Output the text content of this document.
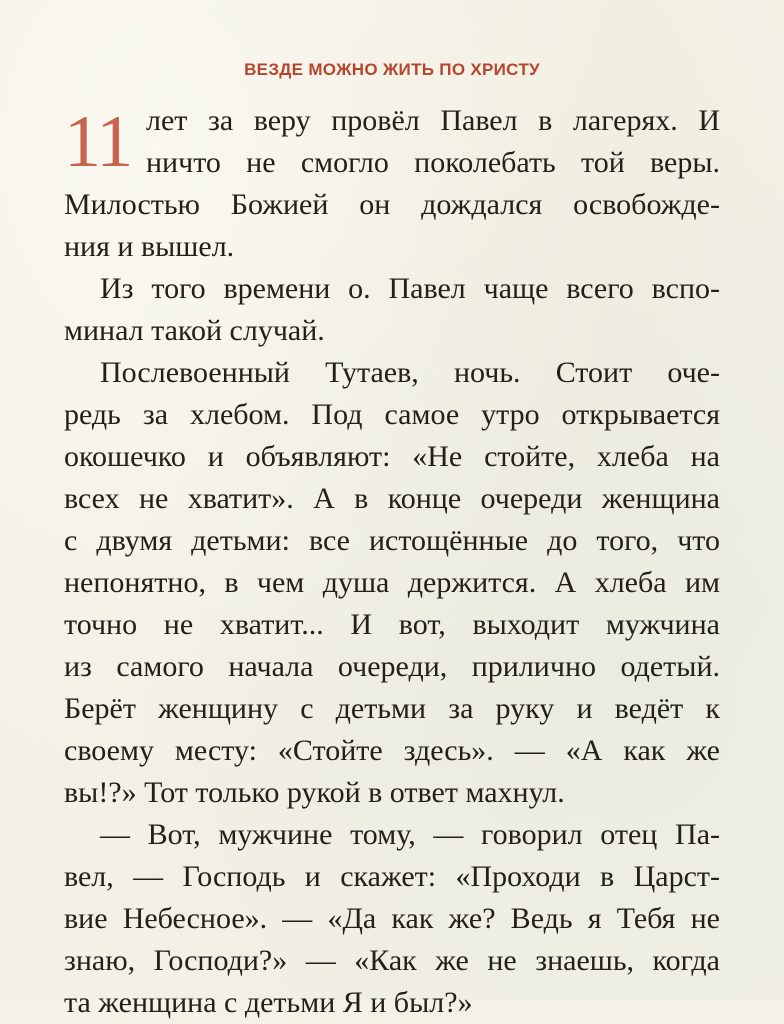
ВЕЗДЕ МОЖНО ЖИТЬ ПО ХРИСТУ
11 лет за веру провёл Павел в лагерях. И
ничто не смогло поколебать той веры.
Милостью Божией он дождался освобожде-
ния и вышел.
Из того времени о. Павел чаще всего вспо-
минал такой случай.
Послевоенный Тутаев, ночь. Стоит оче-
редь за хлебом. Под самое утро открывается
окошечко и объявляют: «Не стойте, хлеба на
всех не хватит». А в конце очереди женщина
с двумя детьми: все истощённые до того, что
непонятно, в чем душа держится. А хлеба им
точно не хватит... И вот, выходит мужчина
из самого начала очереди, прилично одетый.
Берёт женщину с детьми за руку и ведёт к
своему месту: «Стойте здесь». — «А как же
вы!?» Тот только рукой в ответ махнул.
— Вот, мужчине тому, — говорил отец Па-
вел, — Господь и скажет: «Проходи в Царст-
вие Небесное». — «Да как же? Ведь я Тебя не
знаю, Господи?» — «Как же не знаешь, когда
та женщина с детьми Я и был?»
